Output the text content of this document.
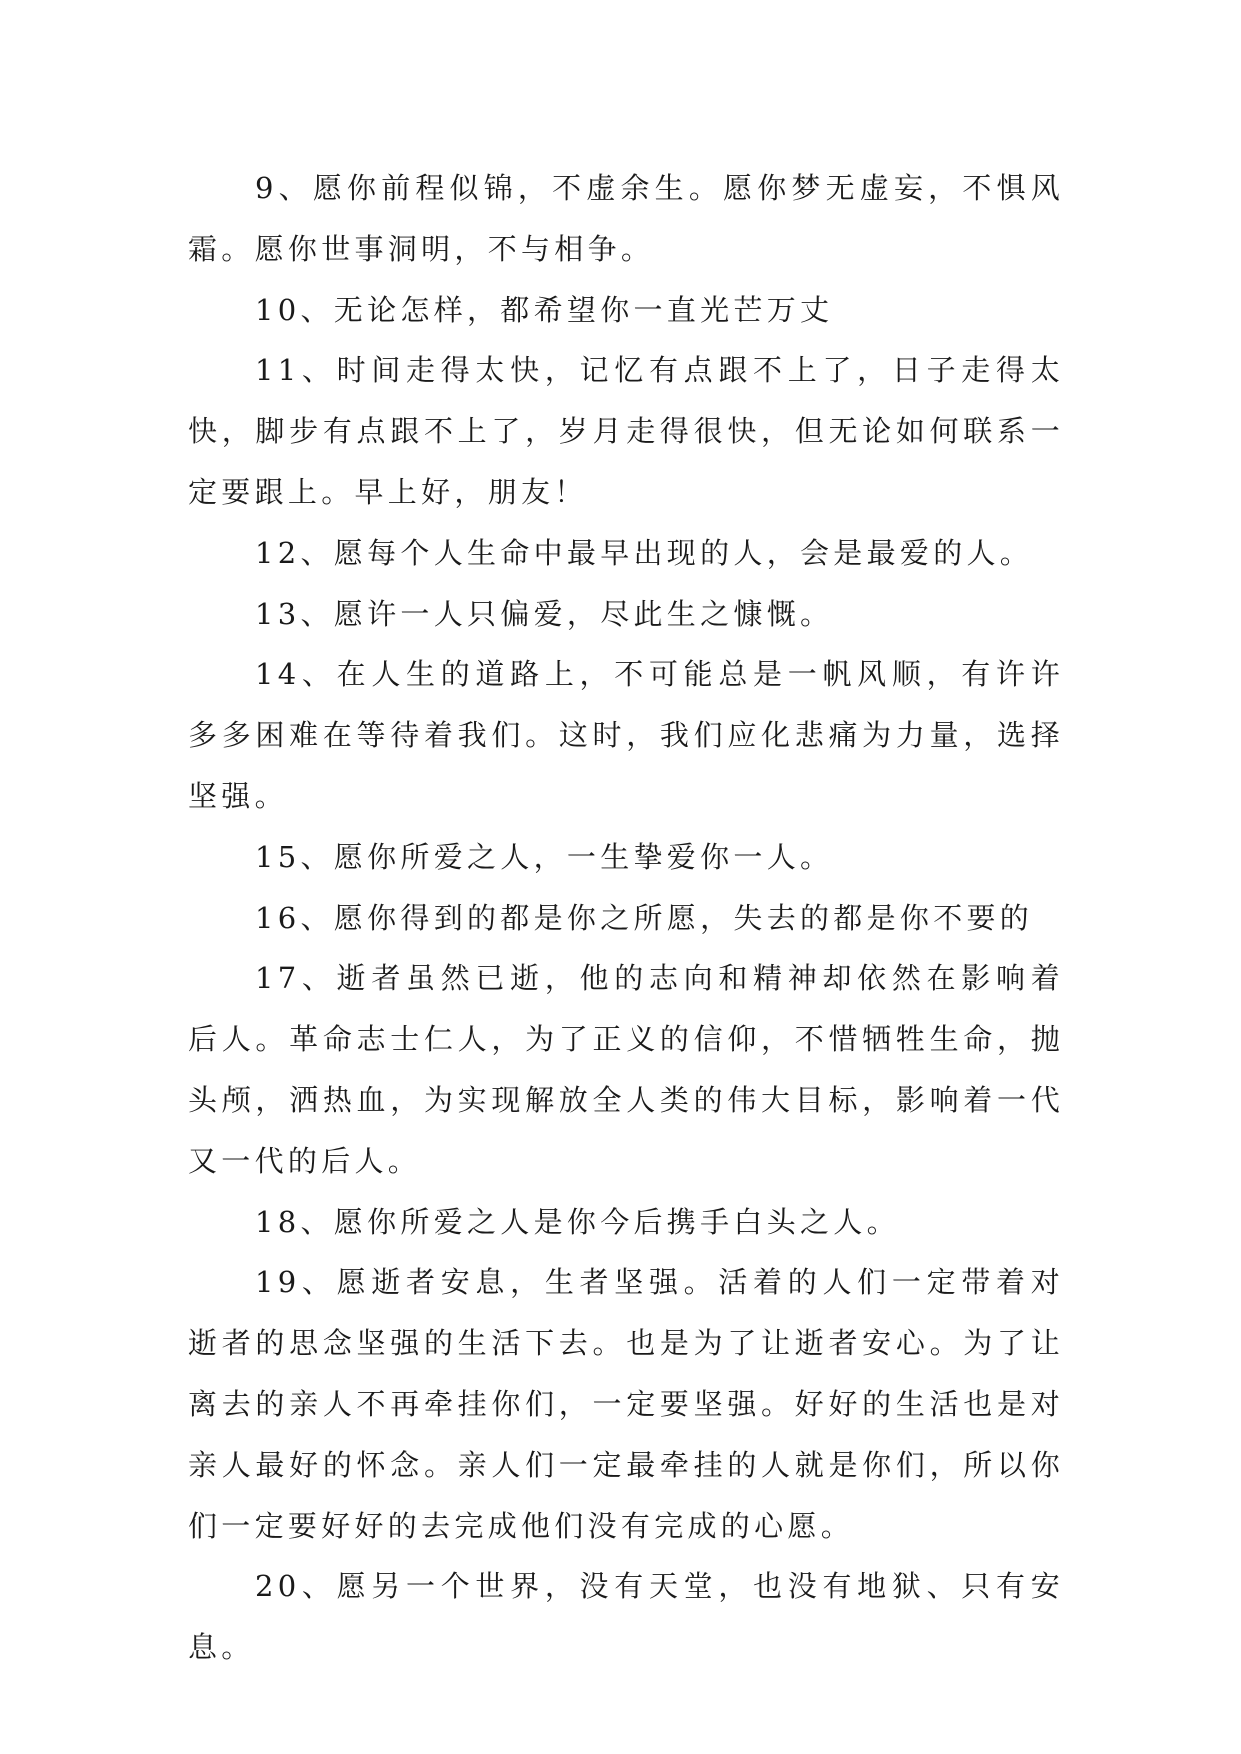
9、愿你前程似锦，不虚余生。愿你梦无虚妄，不惧风霜。愿你世事洞明，不与相争。

10、无论怎样，都希望你一直光芒万丈

11、时间走得太快，记忆有点跟不上了，日子走得太快，脚步有点跟不上了，岁月走得很快，但无论如何联系一定要跟上。早上好，朋友！

12、愿每个人生命中最早出现的人，会是最爱的人。

13、愿许一人只偏爱，尽此生之慷慨。

14、在人生的道路上，不可能总是一帆风顺，有许许多多困难在等待着我们。这时，我们应化悲痛为力量，选择坚强。

15、愿你所爱之人，一生挚爱你一人。

16、愿你得到的都是你之所愿，失去的都是你不要的

17、逝者虽然已逝，他的志向和精神却依然在影响着后人。革命志士仁人，为了正义的信仰，不惜牺牲生命，抛头颅，洒热血，为实现解放全人类的伟大目标，影响着一代又一代的后人。

18、愿你所爱之人是你今后携手白头之人。

19、愿逝者安息，生者坚强。活着的人们一定带着对逝者的思念坚强的生活下去。也是为了让逝者安心。为了让离去的亲人不再牵挂你们，一定要坚强。好好的生活也是对亲人最好的怀念。亲人们一定最牵挂的人就是你们，所以你们一定要好好的去完成他们没有完成的心愿。

20、愿另一个世界，没有天堂，也没有地狱、只有安息。
